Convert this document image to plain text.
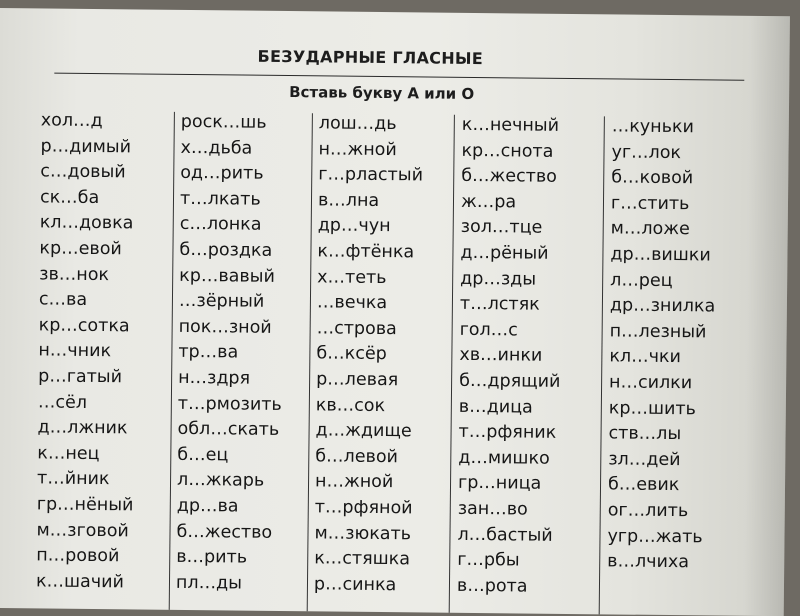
БЕЗУДАРНЫЕ ГЛАСНЫЕ
Вставь букву А или О
хол…д
р…димый
с…довый
ск…ба
кл…довка
кр…евой
зв…нок
с…ва
кр…сотка
н…чник
р…гатый
…сёл
д…лжник
к…нец
т…йник
гр…нёный
м…зговой
п…ровой
к…шачий
роск…шь
х…дьба
од…рить
т…лкать
с…лонка
б…роздка
кр…вавый
…зёрный
пок…зной
тр…ва
н…здря
т…рмозить
обл…скать
б…ец
л…жкарь
др…ва
б…жество
в…рить
пл…ды
лош…дь
н…жной
г…рластый
в…лна
др…чун
к…фтёнка
х…теть
…вечка
…строва
б…ксёр
р…левая
кв…сок
д…ждище
б…левой
н…жной
т…рфяной
м…зюкать
к…стяшка
р…синка
к…нечный
кр…снота
б…жество
ж…ра
зол…тце
д…рёный
др…зды
т…лстяк
гол…с
хв…инки
б…дрящий
в…дица
т…рфяник
д…мишко
гр…ница
зан…во
л…бастый
г…рбы
в…рота
…куньки
уг…лок
б…ковой
г…стить
м…ложе
др…вишки
л…рец
др…знилка
п…лезный
кл…чки
н…силки
кр…шить
ств…лы
зл…дей
б…евик
ог…лить
угр…жать
в…лчиха
